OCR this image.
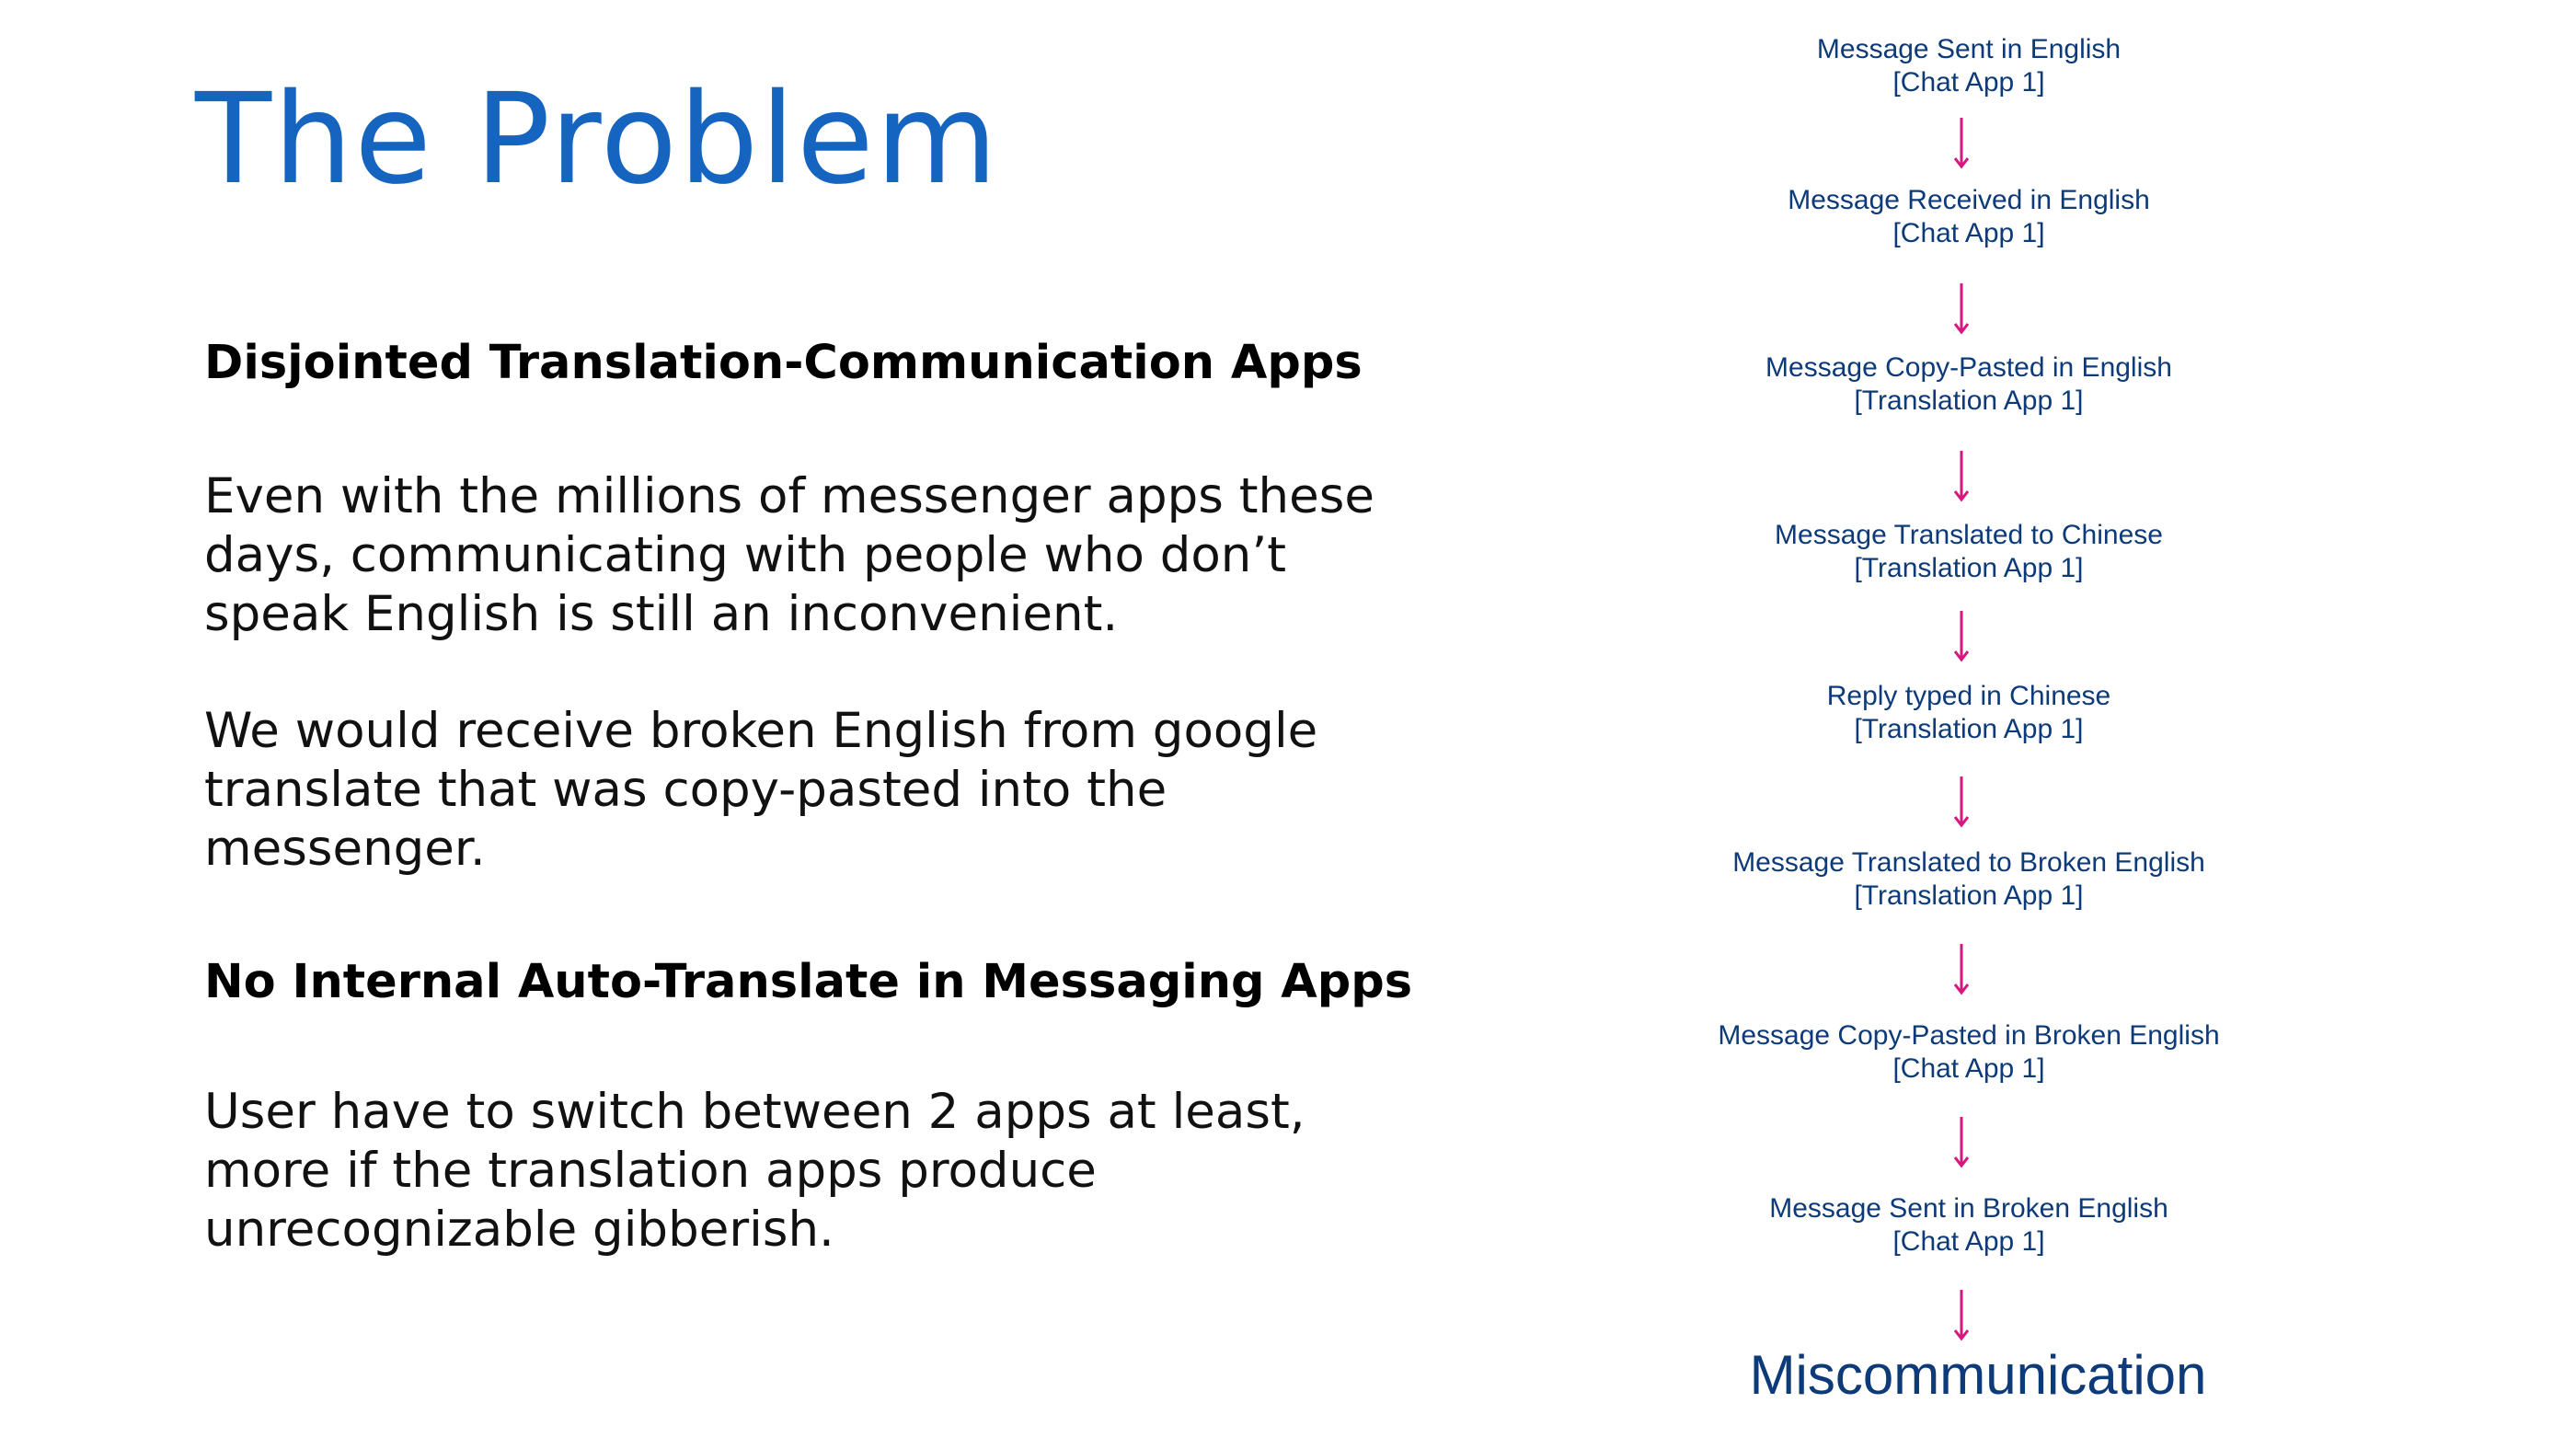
The Problem
Disjointed Translation-Communication Apps
Even with the millions of messenger apps these
days, communicating with people who don’t
speak English is still an inconvenient.
We would receive broken English from google
translate that was copy-pasted into the
messenger.
No Internal Auto-Translate in Messaging Apps
User have to switch between 2 apps at least,
more if the translation apps produce
unrecognizable gibberish.
Message Sent in English
[Chat App 1]
Message Received in English
[Chat App 1]
Message Copy-Pasted in English
[Translation App 1]
Message Translated to Chinese
[Translation App 1]
Reply typed in Chinese
[Translation App 1]
Message Translated to Broken English
[Translation App 1]
Message Copy-Pasted in Broken English
[Chat App 1]
Message Sent in Broken English
[Chat App 1]
Miscommunication
